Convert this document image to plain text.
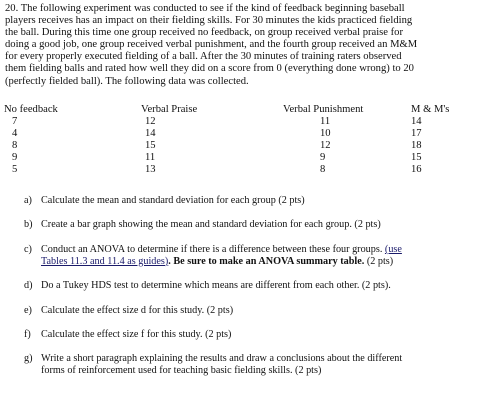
20. The following experiment was conducted to see if the kind of feedback beginning baseball
players receives has an impact on their fielding skills. For 30 minutes the kids practiced fielding
the ball. During this time one group received no feedback, on group received verbal praise for
doing a good job, one group received verbal punishment, and the fourth group received an M&M
for every properly executed fielding of a ball. After the 30 minutes of training raters observed
them fielding balls and rated how well they did on a score from 0 (everything done wrong) to 20
(perfectly fielded ball). The following data was collected.
No feedback	Verbal Praise	Verbal Punishment	M & M's
7	12	11	14
4	14	10	17
8	15	12	18
9	11	9	15
5	13	8	16
a) Calculate the mean and standard deviation for each group (2 pts)
b) Create a bar graph showing the mean and standard deviation for each group. (2 pts)
c) Conduct an ANOVA to determine if there is a difference between these four groups. (use
Tables 11.3 and 11.4 as guides). Be sure to make an ANOVA summary table. (2 pts)
d) Do a Tukey HDS test to determine which means are different from each other. (2 pts).
e) Calculate the effect size d for this study. (2 pts)
f) Calculate the effect size f for this study. (2 pts)
g) Write a short paragraph explaining the results and draw a conclusions about the different
forms of reinforcement used for teaching basic fielding skills. (2 pts)
